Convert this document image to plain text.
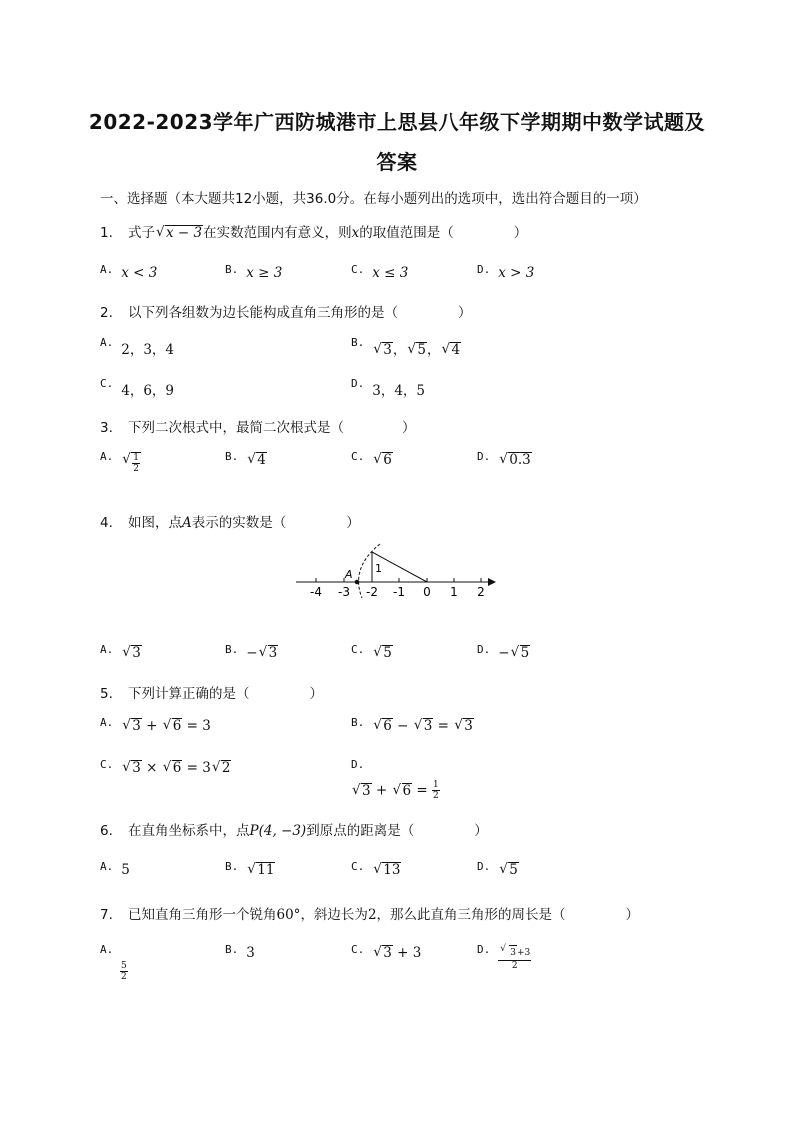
2022-2023学年广西防城港市上思县八年级下学期期中数学试题及
答案
一、选择题（本大题共12小题，共36.0分。在每小题列出的选项中，选出符合题目的一项）
1. 式子 √ x − 3在实数范围内有意义，则x的取值范围是（	）
$^{A.}$ x < 3	$^{B.}$ x ≥ 3	$^{C.}$ x ≤ 3	$^{D.}$ x > 3
2. 以下列各组数为边长能构成直角三角形的是（	）
$^{A.}$ 2，3，4	$^{B.}$ √ 3， √ 5， √ 4
$^{C.}$ 4，6，9	$^{D.}$ 3，4，5
3. 下列二次根式中，最简二次根式是（	）
$^{A.}$ √ $\frac{1}{2}$	$^{B.}$ √ 4	$^{C.}$ √ 6	$^{D.}$ √ 0.3
4. 如图，点A表示的实数是（	）
A 1
-4 -3 -2 -1 0 1 2
$^{A.}$ √ 3	$^{B.}$ − √ 3	$^{C.}$ √ 5	$^{D.}$ − √ 5
5. 下列计算正确的是（	）
$^{A.}$ √ 3 + √ 6 = 3	$^{B.}$ √ 6 − √ 3 = √ 3
$^{C.}$ √ 3 × √ 6 = 3 √ 2	$^{D.}$
√ 3 + √ $6 = \frac{1}{2}$
6. 在直角坐标系中，点P(4, −3)到原点的距离是（	）
$^{A.}$ 5	$^{B.}$ √ 11	$^{C.}$ √ 13	$^{D.}$ √ 5
7. 已知直角三角形一个锐角60°，斜边长为2，那么此直角三角形的周长是（	）
$^{A.}$

$\frac{5}{2}$
$^{B.}$ 3	$^{C.}$ √ 3 + 3	$^{D.}$ √ $\frac{3+3}{2}$
